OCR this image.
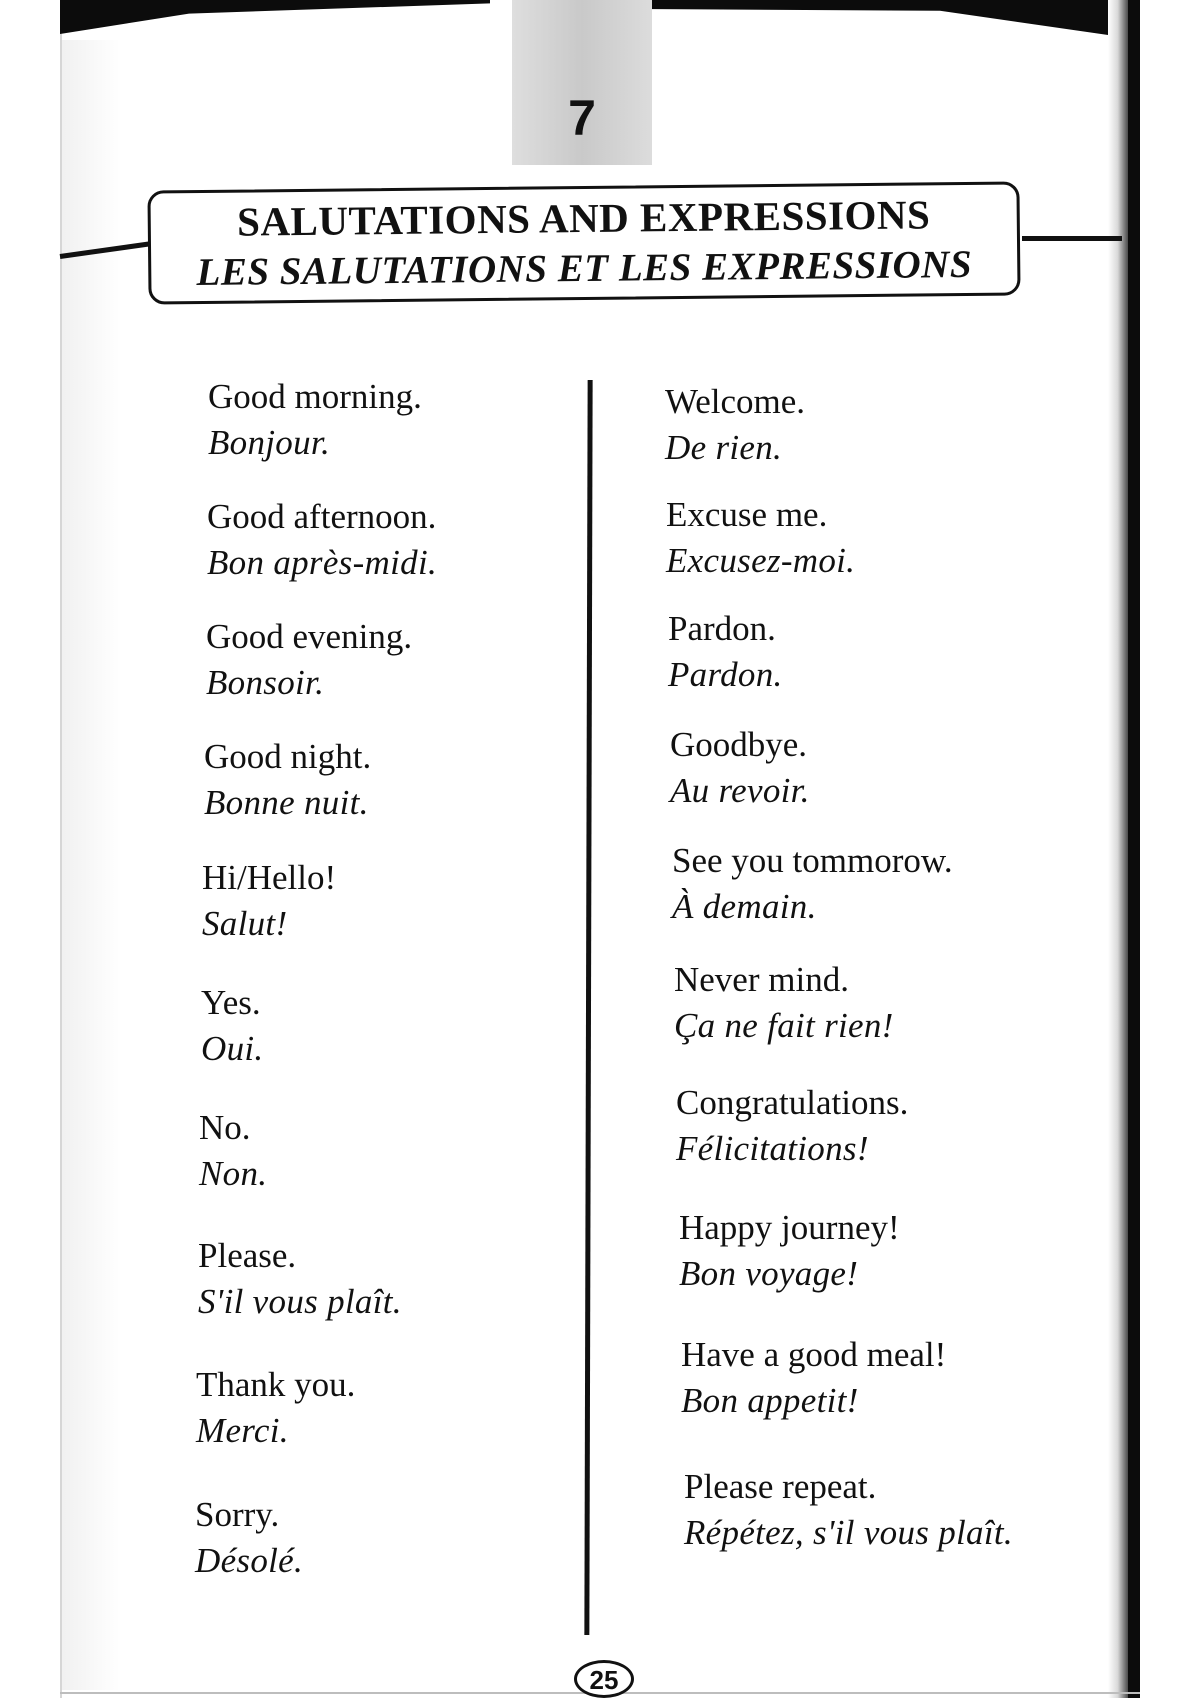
7
SALUTATIONS AND EXPRESSIONS
LES SALUTATIONS ET LES EXPRESSIONS
Good morning.
Bonjour.
Good afternoon.
Bon après-midi.
Good evening.
Bonsoir.
Good night.
Bonne nuit.
Hi/Hello!
Salut!
Yes.
Oui.
No.
Non.
Please.
S'il vous plaît.
Thank you.
Merci.
Sorry.
Désolé.
Welcome.
De rien.
Excuse me.
Excusez-moi.
Pardon.
Pardon.
Goodbye.
Au revoir.
See you tommorow.
À demain.
Never mind.
Ça ne fait rien!
Congratulations.
Félicitations!
Happy journey!
Bon voyage!
Have a good meal!
Bon appetit!
Please repeat.
Répétez, s'il vous plaît.
25
